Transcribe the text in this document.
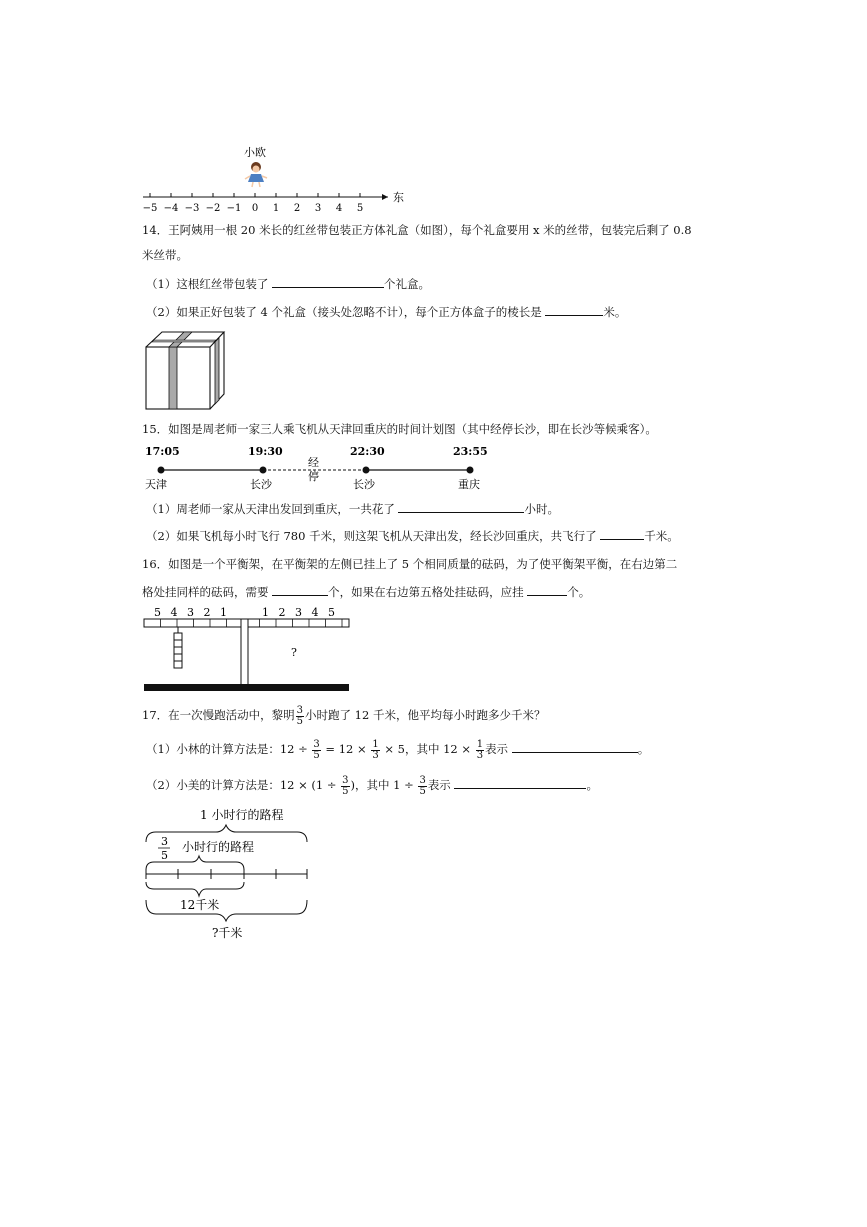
小欧
−5 −4 −3 −2 −1 0 1 2 3 4 5
东
14．王阿姨用一根 20 米长的红丝带包装正方体礼盒（如图），每个礼盒要用 x 米的丝带，包装完后剩了 0.8
米丝带。
（1）这根红丝带包装了	个礼盒。
（2）如果正好包装了 4 个礼盒（接头处忽略不计），每个正方体盒子的棱长是	米。
15．如图是周老师一家三人乘飞机从天津回重庆的时间计划图（其中经停长沙，即在长沙等候乘客）。
17:05	19:30	22:30	23:55
经
停
天津	长沙	长沙	重庆
（1）周老师一家从天津出发回到重庆，一共花了	小时。
（2）如果飞机每小时飞行 780 千米，则这架飞机从天津出发，经长沙回重庆，共飞行了	千米。
16．如图是一个平衡架，在平衡架的左侧已挂上了 5 个相同质量的砝码，为了使平衡架平衡，在右边第二
格处挂同样的砝码，需要	个，如果在右边第五格处挂砝码，应挂	个。
5 4 3 2 1	1 2 3 4 5
?
17．在一次慢跑活动中，黎明 $\frac{3}{5}$ 小时跑了 12 千米，他平均每小时跑多少千米？
（1）小林的计算方法是：$12 \div \frac{3}{5} = 12 \times \frac{1}{3} \times 5$，其中 $12 \times \frac{1}{3}$ 表示	。
（2）小美的计算方法是：$12 \times (1 \div \frac{3}{5}$ )，其中 $1 \div \frac{3}{5}$ 表示	。
1 小时行的路程
3
5
小时行的路程
12千米
?千米
